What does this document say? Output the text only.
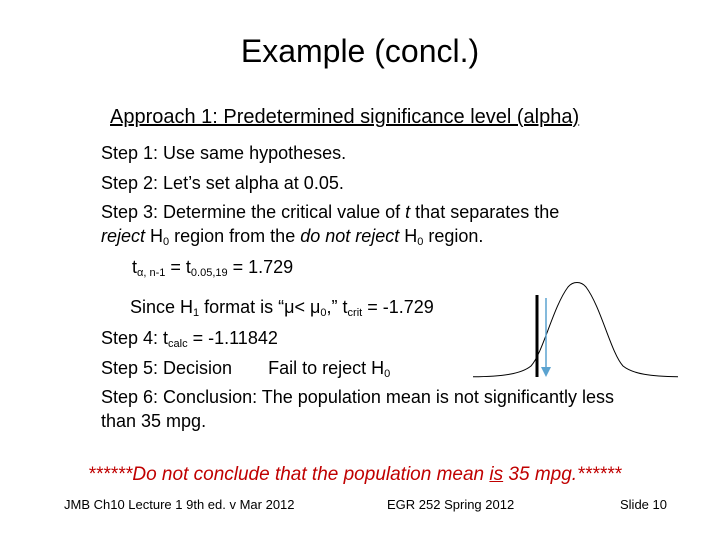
Example (concl.)
Approach 1: Predetermined significance level (alpha)
Step 1: Use same hypotheses.
Step 2: Let’s set alpha at 0.05.
Step 3: Determine the critical value of t that separates the
reject $H_0$ region from the do not reject $H_0$ region.
$t_{\alpha, n-1} = t_{0.05,19} = 1.729$
Since $H_1$ format is “$\mu< \mu_0$,” $t_{crit} = -1.729$
Step 4: $t_{calc} = -1.11842$
Step 5: Decision Fail to reject $H_0$
Step 6: Conclusion: The population mean is not significantly less
than 35 mpg.
******Do not conclude that the population mean is 35 mpg.******
JMB Ch10 Lecture 1 9th ed. v Mar 2012	EGR 252 Spring 2012	Slide 10
